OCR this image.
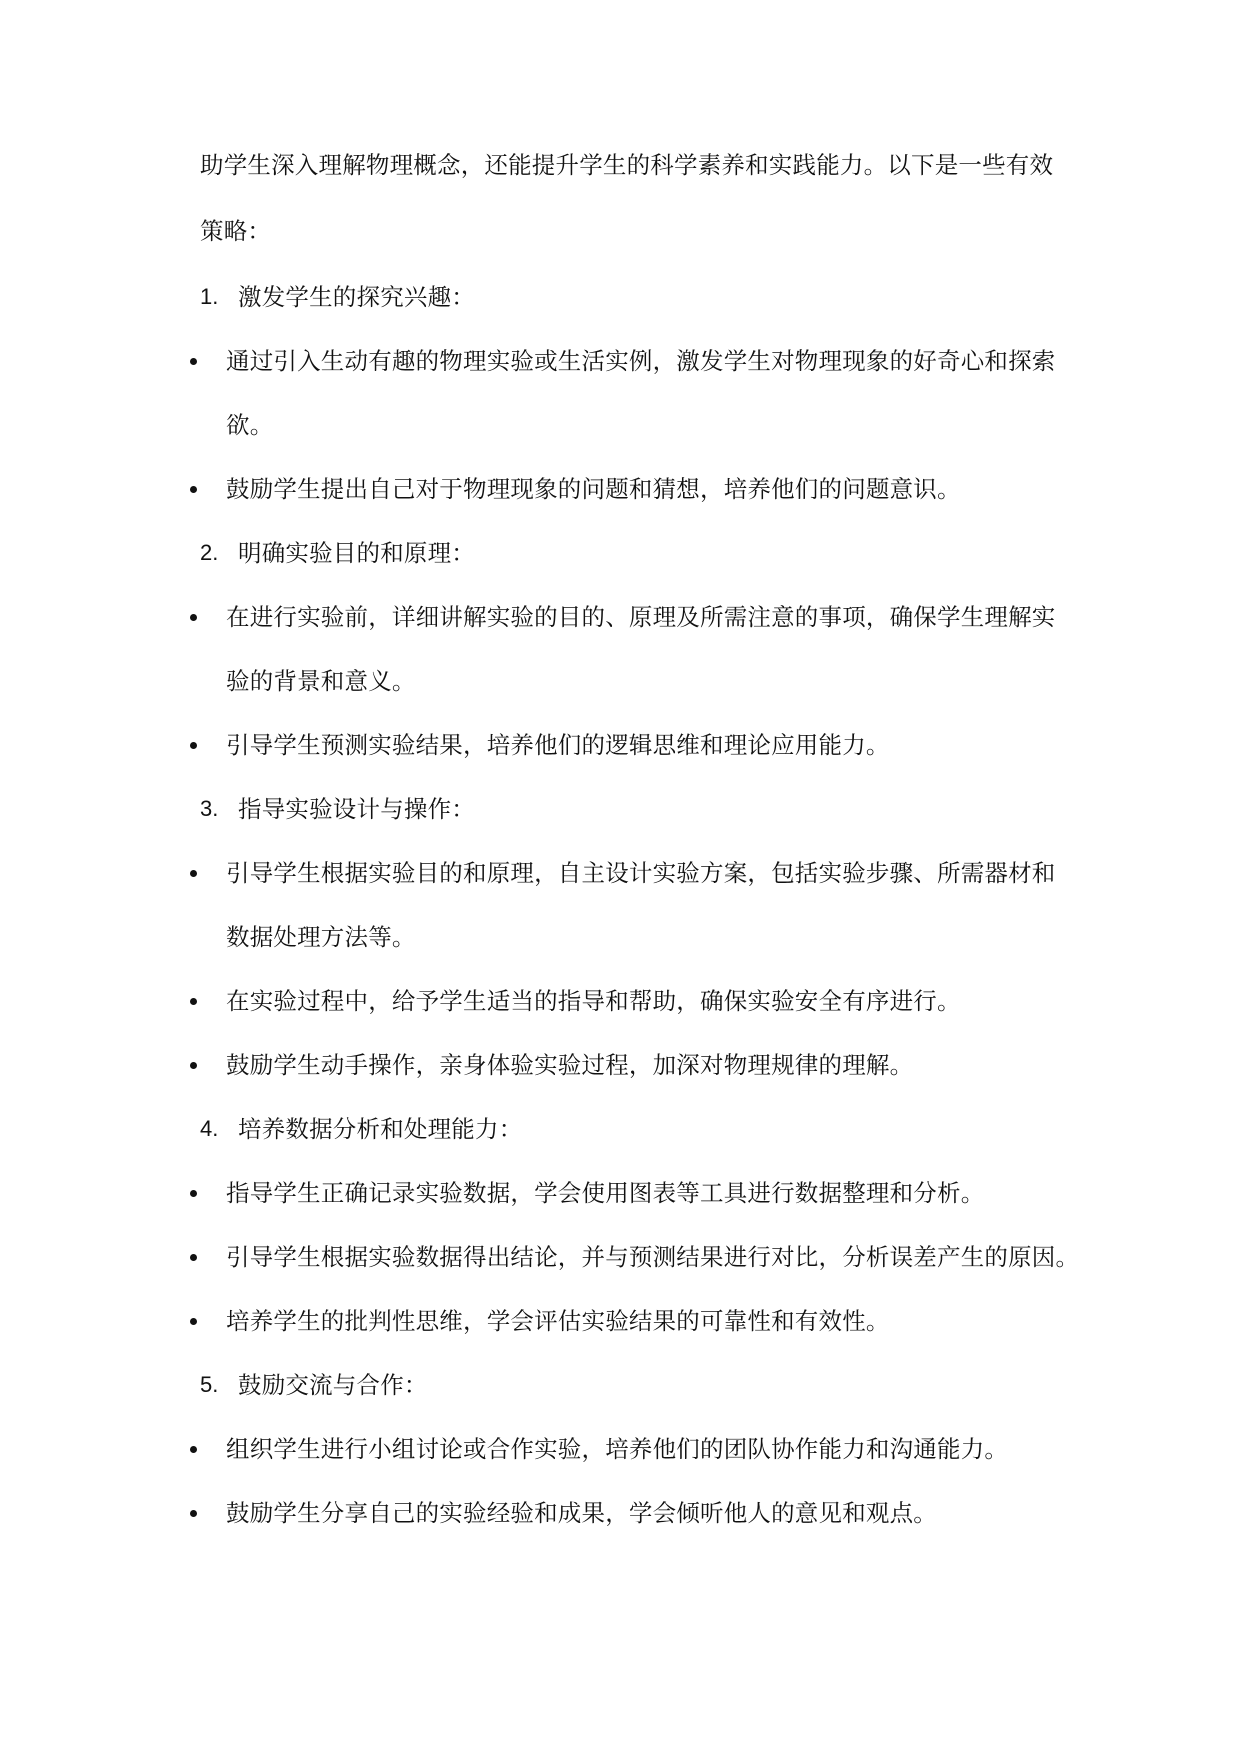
助学生深入理解物理概念，还能提升学生的科学素养和实践能力。以下是一些有效
策略：
1. 激发学生的探究兴趣：
通过引入生动有趣的物理实验或生活实例，激发学生对物理现象的好奇心和探索
欲。
鼓励学生提出自己对于物理现象的问题和猜想，培养他们的问题意识。
2. 明确实验目的和原理：
在进行实验前，详细讲解实验的目的、原理及所需注意的事项，确保学生理解实
验的背景和意义。
引导学生预测实验结果，培养他们的逻辑思维和理论应用能力。
3. 指导实验设计与操作：
引导学生根据实验目的和原理，自主设计实验方案，包括实验步骤、所需器材和
数据处理方法等。
在实验过程中，给予学生适当的指导和帮助，确保实验安全有序进行。
鼓励学生动手操作，亲身体验实验过程，加深对物理规律的理解。
4. 培养数据分析和处理能力：
指导学生正确记录实验数据，学会使用图表等工具进行数据整理和分析。
引导学生根据实验数据得出结论，并与预测结果进行对比，分析误差产生的原因。
培养学生的批判性思维，学会评估实验结果的可靠性和有效性。
5. 鼓励交流与合作：
组织学生进行小组讨论或合作实验，培养他们的团队协作能力和沟通能力。
鼓励学生分享自己的实验经验和成果，学会倾听他人的意见和观点。
